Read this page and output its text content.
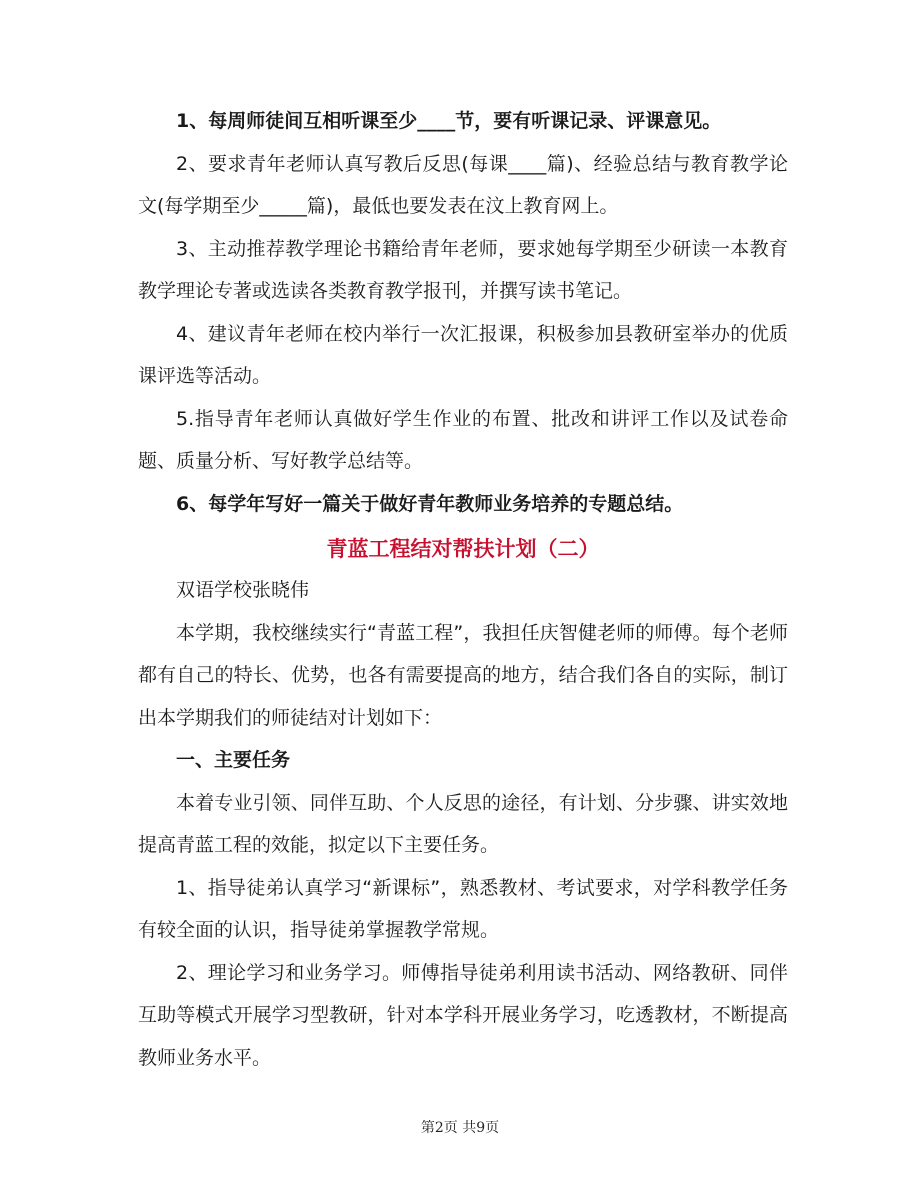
1、每周师徒间互相听课至少____节，要有听课记录、评课意见。

2、要求青年老师认真写教后反思(每课____篇)、经验总结与教育教学论文(每学期至少_____篇)，最低也要发表在汶上教育网上。

3、主动推荐教学理论书籍给青年老师，要求她每学期至少研读一本教育教学理论专著或选读各类教育教学报刊，并撰写读书笔记。

4、建议青年老师在校内举行一次汇报课，积极参加县教研室举办的优质课评选等活动。

5.指导青年老师认真做好学生作业的布置、批改和讲评工作以及试卷命题、质量分析、写好教学总结等。

6、每学年写好一篇关于做好青年教师业务培养的专题总结。

青蓝工程结对帮扶计划（二）

双语学校张晓伟

本学期，我校继续实行“青蓝工程”，我担任庆智健老师的师傅。每个老师都有自己的特长、优势，也各有需要提高的地方，结合我们各自的实际，制订出本学期我们的师徒结对计划如下：

一、主要任务

本着专业引领、同伴互助、个人反思的途径，有计划、分步骤、讲实效地提高青蓝工程的效能，拟定以下主要任务。

1、指导徒弟认真学习“新课标”，熟悉教材、考试要求，对学科教学任务有较全面的认识，指导徒弟掌握教学常规。

2、理论学习和业务学习。师傅指导徒弟利用读书活动、网络教研、同伴互助等模式开展学习型教研，针对本学科开展业务学习，吃透教材，不断提高教师业务水平。

第2页 共9页
